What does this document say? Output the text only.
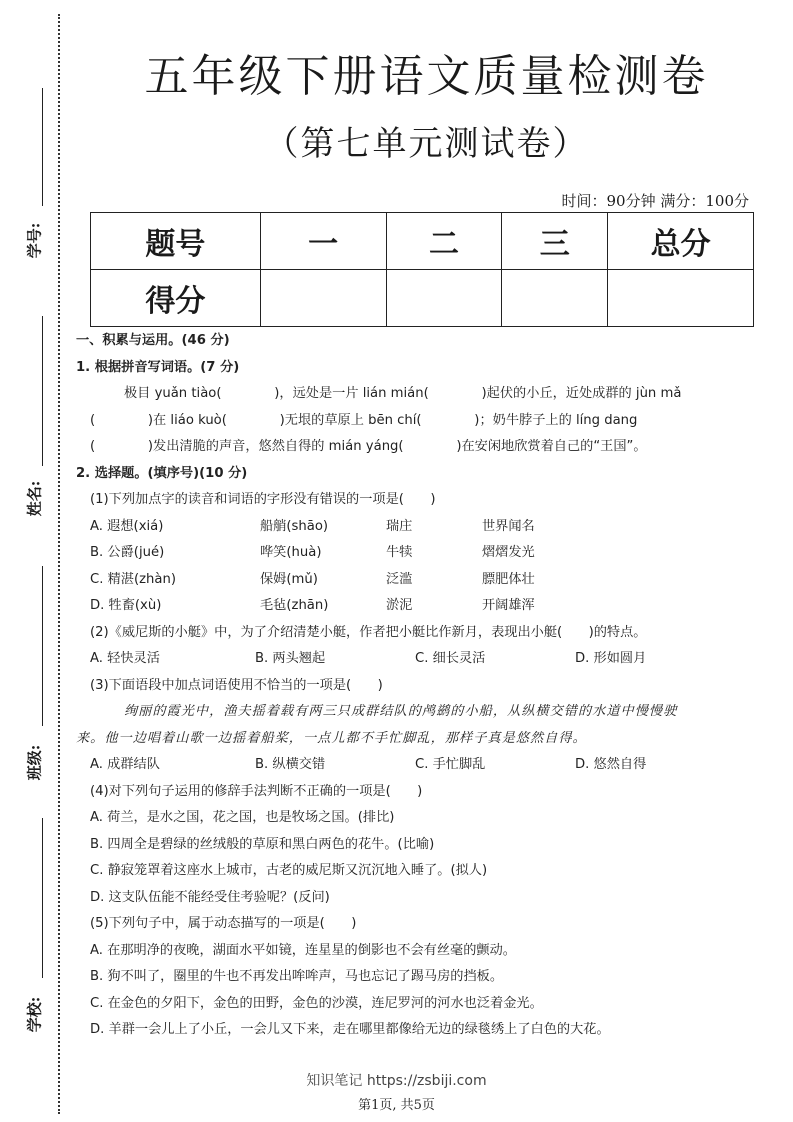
学号:
姓名:
班级:
学校:
五年级下册语文质量检测卷
（第七单元测试卷）
时间：90分钟 满分：100分
题号	一	二	三	总分
得分				
一、积累与运用。(46 分)
1. 根据拼音写词语。(7 分)
极目 yuǎn tiào(　　　　)，远处是一片 lián mián(　　　　)起伏的小丘，近处成群的 jùn mǎ
(　　　　)在 liáo kuò(　　　　)无垠的草原上 bēn chí(　　　　)；奶牛脖子上的 líng dang
(　　　　)发出清脆的声音，悠然自得的 mián yáng(　　　　)在安闲地欣赏着自己的“王国”。
2. 选择题。(填序号)(10 分)
(1)下列加点字的读音和词语的字形没有错误的一项是(　　)
A. 遐想(xiá)	船艄(shāo)	瑞庄	世界闻名
B. 公爵(jué)	哗笑(huà)	牛犊	熠熠发光
C. 精湛(zhàn)	保姆(mǔ)	泛滥	膘肥体壮
D. 牲畜(xù)	毛毡(zhān)	淤泥	开阔雄浑
(2)《威尼斯的小艇》中，为了介绍清楚小艇，作者把小艇比作新月，表现出小艇(　　)的特点。
A. 轻快灵活	B. 两头翘起	C. 细长灵活	D. 形如圆月
(3)下面语段中加点词语使用不恰当的一项是(　　)
绚丽的霞光中，渔夫摇着载有两三只成群结队的鸬鹚的小船，从纵横交错的水道中慢慢驶
来。他一边唱着山歌一边摇着船桨，一点儿都不手忙脚乱，那样子真是悠然自得。
A. 成群结队	B. 纵横交错	C. 手忙脚乱	D. 悠然自得
(4)对下列句子运用的修辞手法判断不正确的一项是(　　)
A. 荷兰，是水之国，花之国，也是牧场之国。(排比)
B. 四周全是碧绿的丝绒般的草原和黑白两色的花牛。(比喻)
C. 静寂笼罩着这座水上城市，古老的威尼斯又沉沉地入睡了。(拟人)
D. 这支队伍能不能经受住考验呢？(反问)
(5)下列句子中，属于动态描写的一项是(　　)
A. 在那明净的夜晚，湖面水平如镜，连星星的倒影也不会有丝毫的颤动。
B. 狗不叫了，圈里的牛也不再发出哞哞声，马也忘记了踢马房的挡板。
C. 在金色的夕阳下，金色的田野，金色的沙漠，连尼罗河的河水也泛着金光。
D. 羊群一会儿上了小丘，一会儿又下来，走在哪里都像给无边的绿毯绣上了白色的大花。
知识笔记 https://zsbiji.com
第1页, 共5页
